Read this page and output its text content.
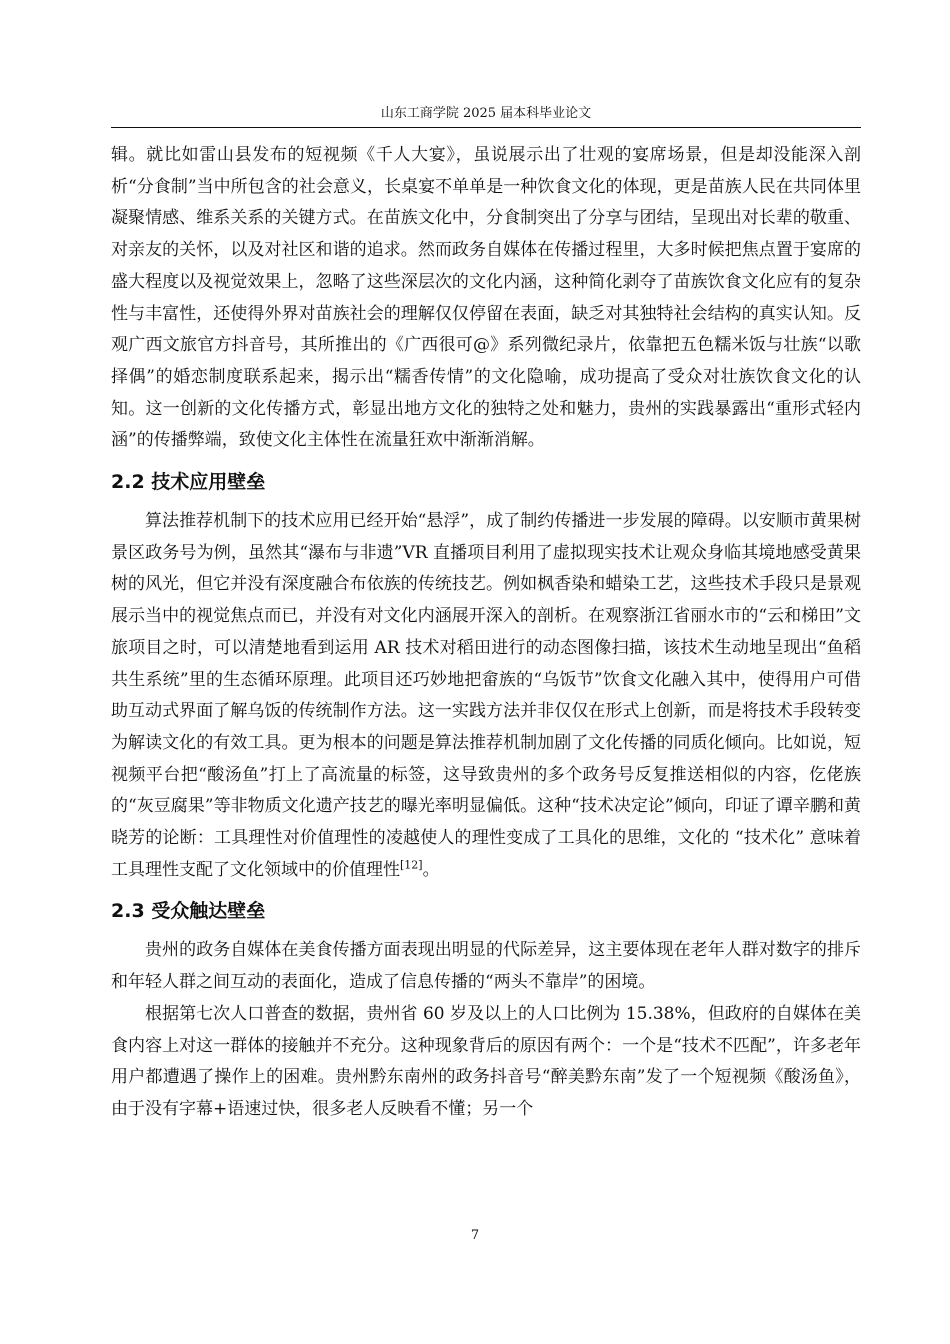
山东工商学院 2025 届本科毕业论文

辑。就比如雷山县发布的短视频《千人大宴》，虽说展示出了壮观的宴席场景，但是却没能深入剖析“分食制”当中所包含的社会意义，长桌宴不单单是一种饮食文化的体现，更是苗族人民在共同体里凝聚情感、维系关系的关键方式。在苗族文化中，分食制突出了分享与团结，呈现出对长辈的敬重、对亲友的关怀，以及对社区和谐的追求。然而政务自媒体在传播过程里，大多时候把焦点置于宴席的盛大程度以及视觉效果上，忽略了这些深层次的文化内涵，这种简化剥夺了苗族饮食文化应有的复杂性与丰富性，还使得外界对苗族社会的理解仅仅停留在表面，缺乏对其独特社会结构的真实认知。反观广西文旅官方抖音号，其所推出的《广西很可@》系列微纪录片，依靠把五色糯米饭与壮族“以歌择偶”的婚恋制度联系起来，揭示出“糯香传情”的文化隐喻，成功提高了受众对壮族饮食文化的认知。这一创新的文化传播方式，彰显出地方文化的独特之处和魅力，贵州的实践暴露出“重形式轻内涵”的传播弊端，致使文化主体性在流量狂欢中渐渐消解。

2.2 技术应用壁垒

算法推荐机制下的技术应用已经开始“悬浮”，成了制约传播进一步发展的障碍。以安顺市黄果树景区政务号为例，虽然其“瀑布与非遗”VR 直播项目利用了虚拟现实技术让观众身临其境地感受黄果树的风光，但它并没有深度融合布依族的传统技艺。例如枫香染和蜡染工艺，这些技术手段只是景观展示当中的视觉焦点而已，并没有对文化内涵展开深入的剖析。在观察浙江省丽水市的“云和梯田”文旅项目之时，可以清楚地看到运用 AR 技术对稻田进行的动态图像扫描，该技术生动地呈现出“鱼稻共生系统”里的生态循环原理。此项目还巧妙地把畲族的“乌饭节”饮食文化融入其中，使得用户可借助互动式界面了解乌饭的传统制作方法。这一实践方法并非仅仅在形式上创新，而是将技术手段转变为解读文化的有效工具。更为根本的问题是算法推荐机制加剧了文化传播的同质化倾向。比如说，短视频平台把“酸汤鱼”打上了高流量的标签，这导致贵州的多个政务号反复推送相似的内容，仡佬族的“灰豆腐果”等非物质文化遗产技艺的曝光率明显偏低。这种“技术决定论”倾向，印证了谭辛鹏和黄晓芳的论断：工具理性对价值理性的凌越使人的理性变成了工具化的思维，文化的 “技术化” 意味着工具理性支配了文化领域中的价值理性[12]。

2.3 受众触达壁垒

贵州的政务自媒体在美食传播方面表现出明显的代际差异，这主要体现在老年人群对数字的排斥和年轻人群之间互动的表面化，造成了信息传播的“两头不靠岸”的困境。

根据第七次人口普查的数据，贵州省 60 岁及以上的人口比例为 15.38%，但政府的自媒体在美食内容上对这一群体的接触并不充分。这种现象背后的原因有两个：一个是“技术不匹配”，许多老年用户都遭遇了操作上的困难。贵州黔东南州的政务抖音号“醉美黔东南”发了一个短视频《酸汤鱼》，由于没有字幕+语速过快，很多老人反映看不懂；另一个

7
